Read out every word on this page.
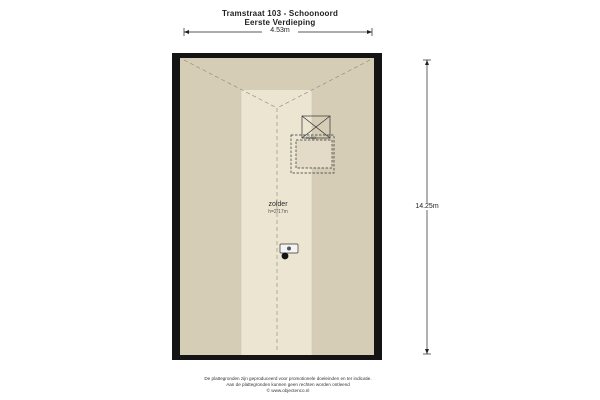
Tramstraat 103 - Schoonoord
Eerste Verdieping
4.53m
14.25m
zolder
h=2/17m
velux
De plattegronden zijn geproduceerd voor promotionele doeleinden en ter indicatie.
Aan de plattegronden kunnen geen rechten worden ontleend
© www.objectenco.nl
